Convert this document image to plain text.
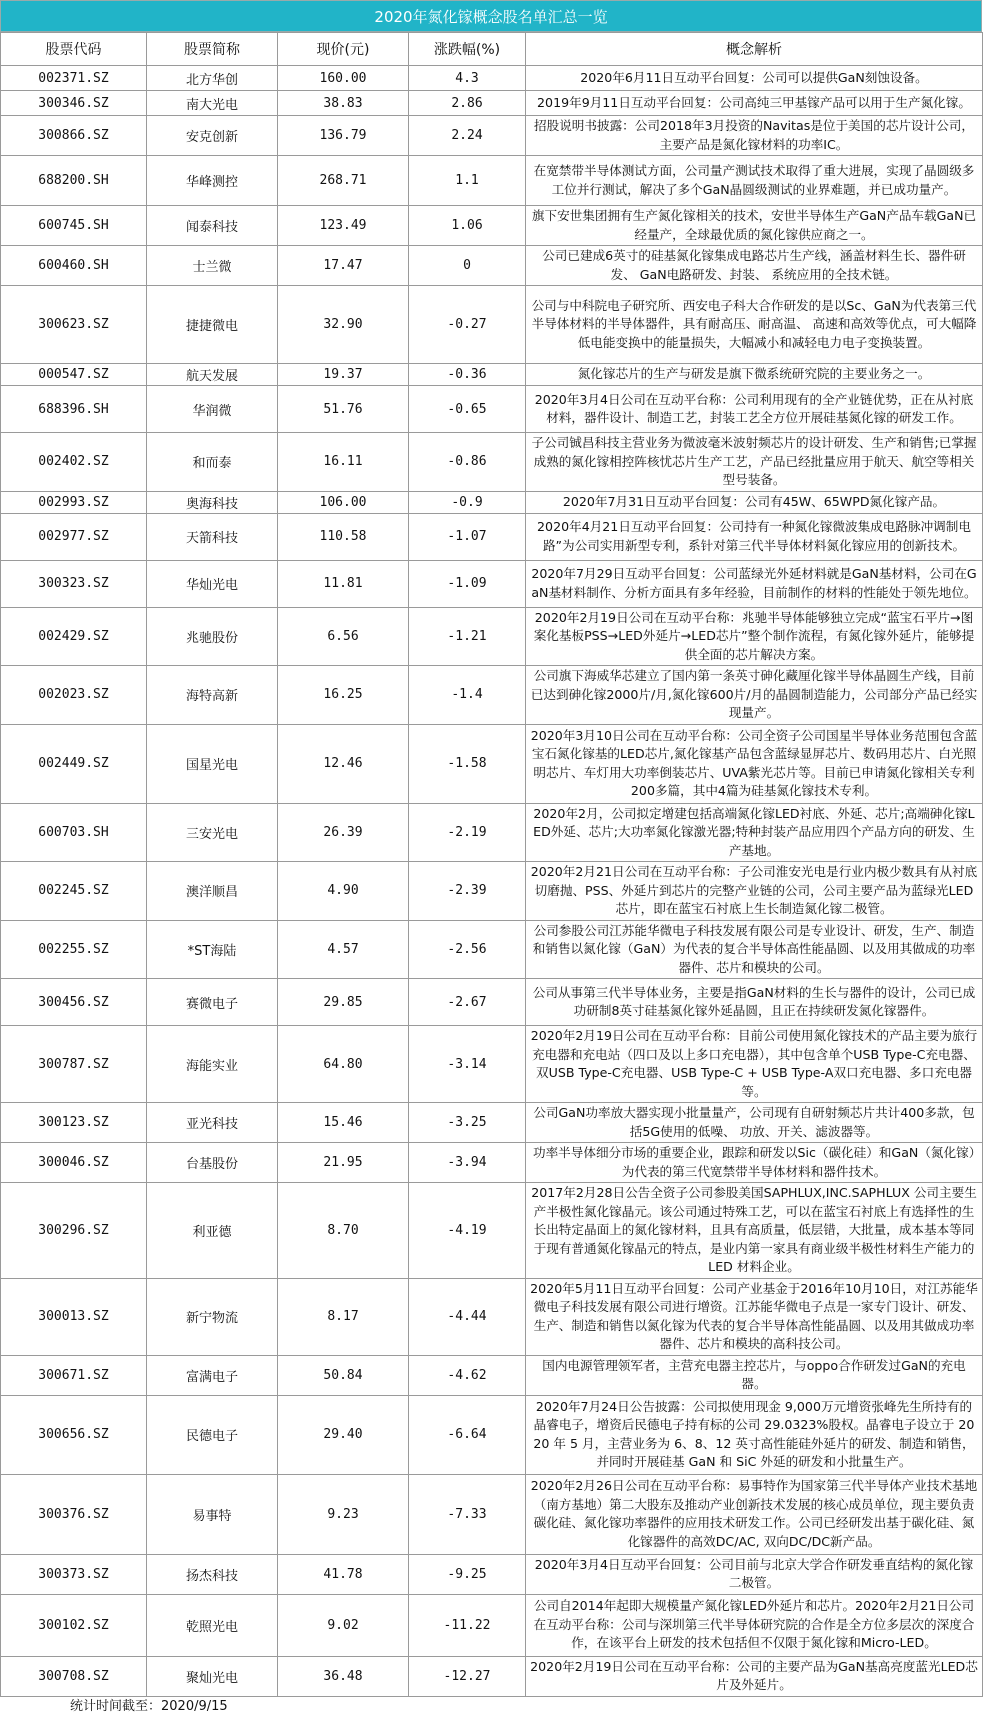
2020年氮化镓概念股名单汇总一览
股票代码	股票简称	现价(元)	涨跌幅(%)	概念解析
002371.SZ	北方华创	160.00	4.3	2020年6月11日互动平台回复：公司可以提供GaN刻蚀设备。
300346.SZ	南大光电	38.83	2.86	2019年9月11日互动平台回复：公司高纯三甲基镓产品可以用于生产氮化镓。
300866.SZ	安克创新	136.79	2.24	招股说明书披露：公司2018年3月投资的Navitas是位于美国的芯片设计公司，主要产品是氮化镓材料的功率IC。
688200.SH	华峰测控	268.71	1.1	在宽禁带半导体测试方面，公司量产测试技术取得了重大进展，实现了晶圆级多工位并行测试，解决了多个GaN晶圆级测试的业界难题，并已成功量产。
600745.SH	闻泰科技	123.49	1.06	旗下安世集团拥有生产氮化镓相关的技术，安世半导体生产GaN产品车载GaN已经量产，全球最优质的氮化镓供应商之一。
600460.SH	士兰微	17.47	0	公司已建成6英寸的硅基氮化镓集成电路芯片生产线，涵盖材料生长、器件研发、 GaN电路研发、封装、 系统应用的全技术链。
300623.SZ	捷捷微电	32.90	-0.27	公司与中科院电子研究所、西安电子科大合作研发的是以Sc、GaN为代表第三代半导体材料的半导体器件，具有耐高压、耐高温、 高速和高效等优点，可大幅降低电能变换中的能量损失，大幅减小和减轻电力电子变换装置。
000547.SZ	航天发展	19.37	-0.36	氮化镓芯片的生产与研发是旗下微系统研究院的主要业务之一。
688396.SH	华润微	51.76	-0.65	2020年3月4日公司在互动平台称：公司利用现有的全产业链优势，正在从衬底材料，器件设计、制造工艺，封装工艺全方位开展硅基氮化镓的研发工作。
002402.SZ	和而泰	16.11	-0.86	子公司铖昌科技主营业务为微波毫米波射频芯片的设计研发、生产和销售;已掌握成熟的氮化镓相控阵核忧芯片生产工艺，产品已经批量应用于航天、航空等相关型号装备。
002993.SZ	奥海科技	106.00	-0.9	2020年7月31日互动平台回复：公司有45W、65WPD氮化镓产品。
002977.SZ	天箭科技	110.58	-1.07	2020年4月21日互动平台回复：公司持有一种氮化镓微波集成电路脉冲调制电路”为公司实用新型专利，系针对第三代半导体材料氮化镓应用的创新技术。
300323.SZ	华灿光电	11.81	-1.09	2020年7月29日互动平台回复：公司蓝绿光外延材料就是GaN基材料，公司在GaN基材料制作、分析方面具有多年经验，目前制作的材料的性能处于领先地位。
002429.SZ	兆驰股份	6.56	-1.21	2020年2月19日公司在互动平台称：兆驰半导体能够独立完成“蓝宝石平片→图案化基板PSS→LED外延片→LED芯片”整个制作流程，有氮化镓外延片，能够提供全面的芯片解决方案。
002023.SZ	海特高新	16.25	-1.4	公司旗下海威华芯建立了国内第一条英寸砷化藏厘化镓半导体晶圆生产线，目前已达到砷化镓2000片/月,氮化镓600片/月的晶圆制造能力，公司部分产品已经实现量产。
002449.SZ	国星光电	12.46	-1.58	2020年3月10日公司在互动平台称：公司全资子公司国星半导体业务范围包含蓝宝石氮化镓基的LED芯片,氮化镓基产品包含蓝绿显屏芯片、数码用芯片、白光照明芯片、车灯用大功率倒装芯片、UVA紫光芯片等。目前已申请氮化镓相关专利200多篇，其中4篇为硅基氮化镓技术专利。
600703.SH	三安光电	26.39	-2.19	2020年2月，公司拟定增建包括高端氮化镓LED衬底、外延、芯片;高端砷化镓LED外延、芯片;大功率氮化镓激光器;特种封装产品应用四个产品方向的研发、生产基地。
002245.SZ	澳洋顺昌	4.90	-2.39	2020年2月21日公司在互动平台称：子公司淮安光电是行业内极少数具有从衬底切磨抛、PSS、外延片到芯片的完整产业链的公司，公司主要产品为蓝绿光LED芯片，即在蓝宝石衬底上生长制造氮化镓二极管。
002255.SZ	*ST海陆	4.57	-2.56	公司参股公司江苏能华微电子科技发展有限公司是专业设计、研发，生产、制造和销售以氮化镓（GaN）为代表的复合半导体高性能晶圆、以及用其做成的功率器件、芯片和模块的公司。
300456.SZ	赛微电子	29.85	-2.67	公司从事第三代半导体业务，主要是指GaN材料的生长与器件的设计，公司已成功研制8英寸硅基氮化镓外延晶圆，且正在持续研发氮化镓器件。
300787.SZ	海能实业	64.80	-3.14	2020年2月19日公司在互动平台称：目前公司使用氮化镓技术的产品主要为旅行充电器和充电站（四口及以上多口充电器），其中包含单个USB Type-C充电器、双USB Type-C充电器、USB Type-C + USB Type-A双口充电器、多口充电器等。
300123.SZ	亚光科技	15.46	-3.25	公司GaN功率放大器实现小批量量产，公司现有自研射频芯片共计400多款，包括5G使用的低噪、 功放、开关、滤波器等。
300046.SZ	台基股份	21.95	-3.94	功率半导体细分市场的重要企业，跟踪和研发以Sic（碳化硅）和GaN（氮化镓）为代表的第三代宽禁带半导体材料和器件技术。
300296.SZ	利亚德	8.70	-4.19	2017年2月28日公告全资子公司参股美国SAPHLUX,INC.SAPHLUX 公司主要生产半极性氮化镓晶元。该公司通过特殊工艺，可以在蓝宝石衬底上有选择性的生长出特定晶面上的氮化镓材料，且具有高质量，低层错，大批量，成本基本等同于现有普通氮化镓晶元的特点，是业内第一家具有商业级半极性材料生产能力的 LED 材料企业。
300013.SZ	新宁物流	8.17	-4.44	2020年5月11日互动平台回复：公司产业基金于2016年10月10日，对江苏能华微电子科技发展有限公司进行增资。江苏能华微电子点是一家专门设计、研发、生产、制造和销售以氮化镓为代表的复合半导体高性能晶圆、以及用其做成功率器件、芯片和模块的高科技公司。
300671.SZ	富满电子	50.84	-4.62	国内电源管理领军者，主营充电器主控芯片，与oppo合作研发过GaN的充电器。
300656.SZ	民德电子	29.40	-6.64	2020年7月24日公告披露：公司拟使用现金 9,000万元增资张峰先生所持有的晶睿电子，增资后民德电子持有标的公司 29.0323%股权。晶睿电子设立于 2020 年 5 月，主营业务为 6、8、12 英寸高性能硅外延片的研发、制造和销售，并同时开展硅基 GaN 和 SiC 外延的研发和小批量生产。
300376.SZ	易事特	9.23	-7.33	2020年2月26日公司在互动平台称：易事特作为国家第三代半导体产业技术基地（南方基地）第二大股东及推动产业创新技术发展的核心成员单位，现主要负责碳化硅、氮化镓功率器件的应用技术研发工作。公司已经研发出基于碳化硅、氮化镓器件的高效DC/AC, 双向DC/DC新产品。
300373.SZ	扬杰科技	41.78	-9.25	2020年3月4日互动平台回复：公司目前与北京大学合作研发垂直结构的氮化镓二极管。
300102.SZ	乾照光电	9.02	-11.22	公司自2014年起即大规模量产氮化镓LED外延片和芯片。2020年2月21日公司在互动平台称：公司与深圳第三代半导体研究院的合作是全方位多层次的深度合作，在该平台上研发的技术包括但不仅限于氮化镓和Micro-LED。
300708.SZ	聚灿光电	36.48	-12.27	2020年2月19日公司在互动平台称：公司的主要产品为GaN基高亮度蓝光LED芯片及外延片。
统计时间截至：2020/9/15
